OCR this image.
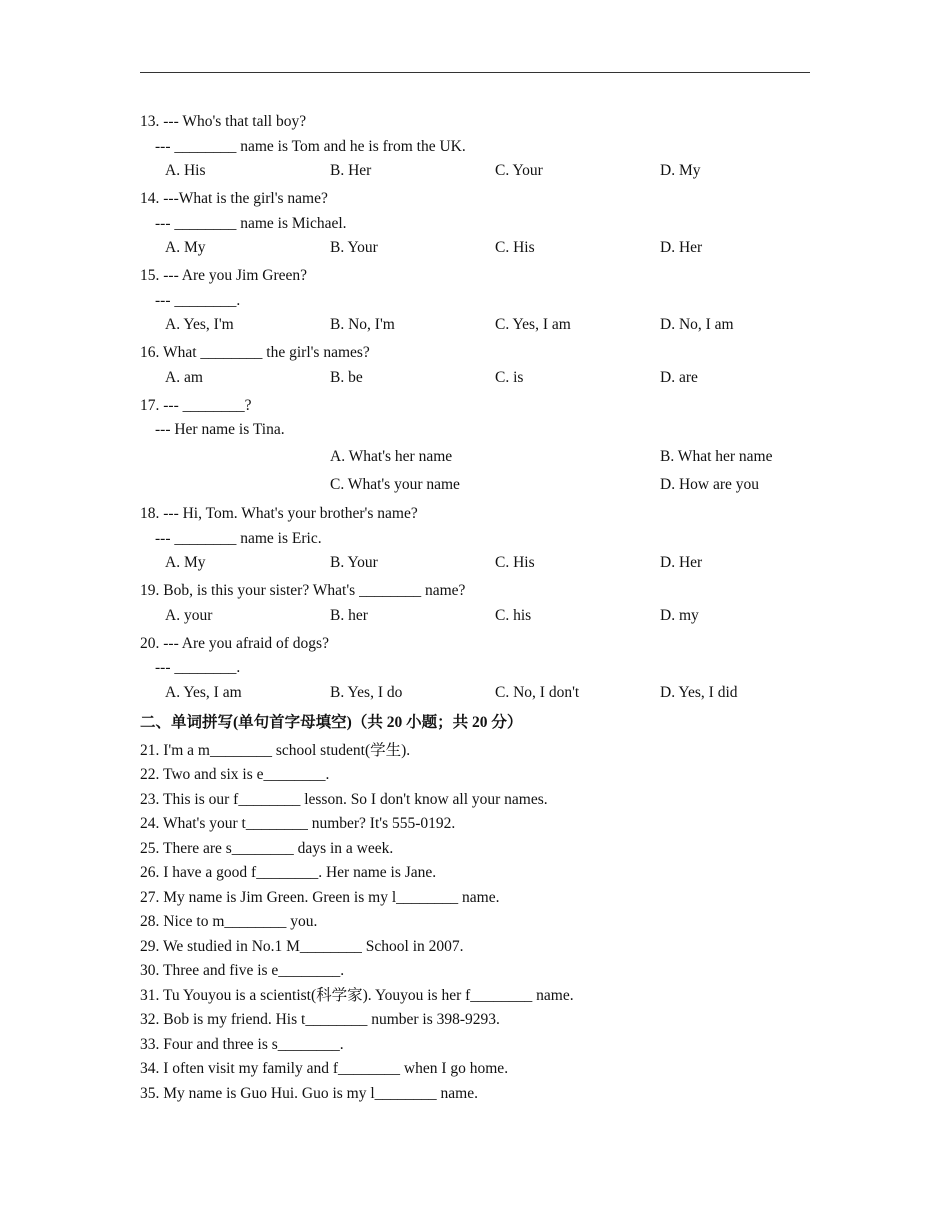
13. --- Who's that tall boy?
--- ________ name is Tom and he is from the UK.
A. His	B. Her	C. Your	D. My
14. ---What is the girl's name?
--- ________ name is Michael.
A. My	B. Your	C. His	D. Her
15. --- Are you Jim Green?
--- ________.
A. Yes, I'm	B. No, I'm	C. Yes, I am	D. No, I am
16. What ________ the girl's names?
A. am	B. be	C. is	D. are
17. --- ________?
--- Her name is Tina.
A. What's her name	B. What her name
C. What's your name	D. How are you
18. --- Hi, Tom. What's your brother's name?
--- ________ name is Eric.
A. My	B. Your	C. His	D. Her
19. Bob, is this your sister? What's ________ name?
A. your	B. her	C. his	D. my
20. --- Are you afraid of dogs?
--- ________.
A. Yes, I am	B. Yes, I do	C. No, I don't	D. Yes, I did
二、单词拼写(单句首字母填空)（共 20 小题；共 20 分）
21. I'm a m________ school student(学生).
22. Two and six is e________.
23. This is our f________ lesson. So I don't know all your names.
24. What's your t________ number? It's 555-0192.
25. There are s________ days in a week.
26. I have a good f________. Her name is Jane.
27. My name is Jim Green. Green is my l________ name.
28. Nice to m________ you.
29. We studied in No.1 M________ School in 2007.
30. Three and five is e________.
31. Tu Youyou is a scientist(科学家). Youyou is her f________ name.
32. Bob is my friend. His t________ number is 398-9293.
33. Four and three is s________.
34. I often visit my family and f________ when I go home.
35. My name is Guo Hui. Guo is my l________ name.
